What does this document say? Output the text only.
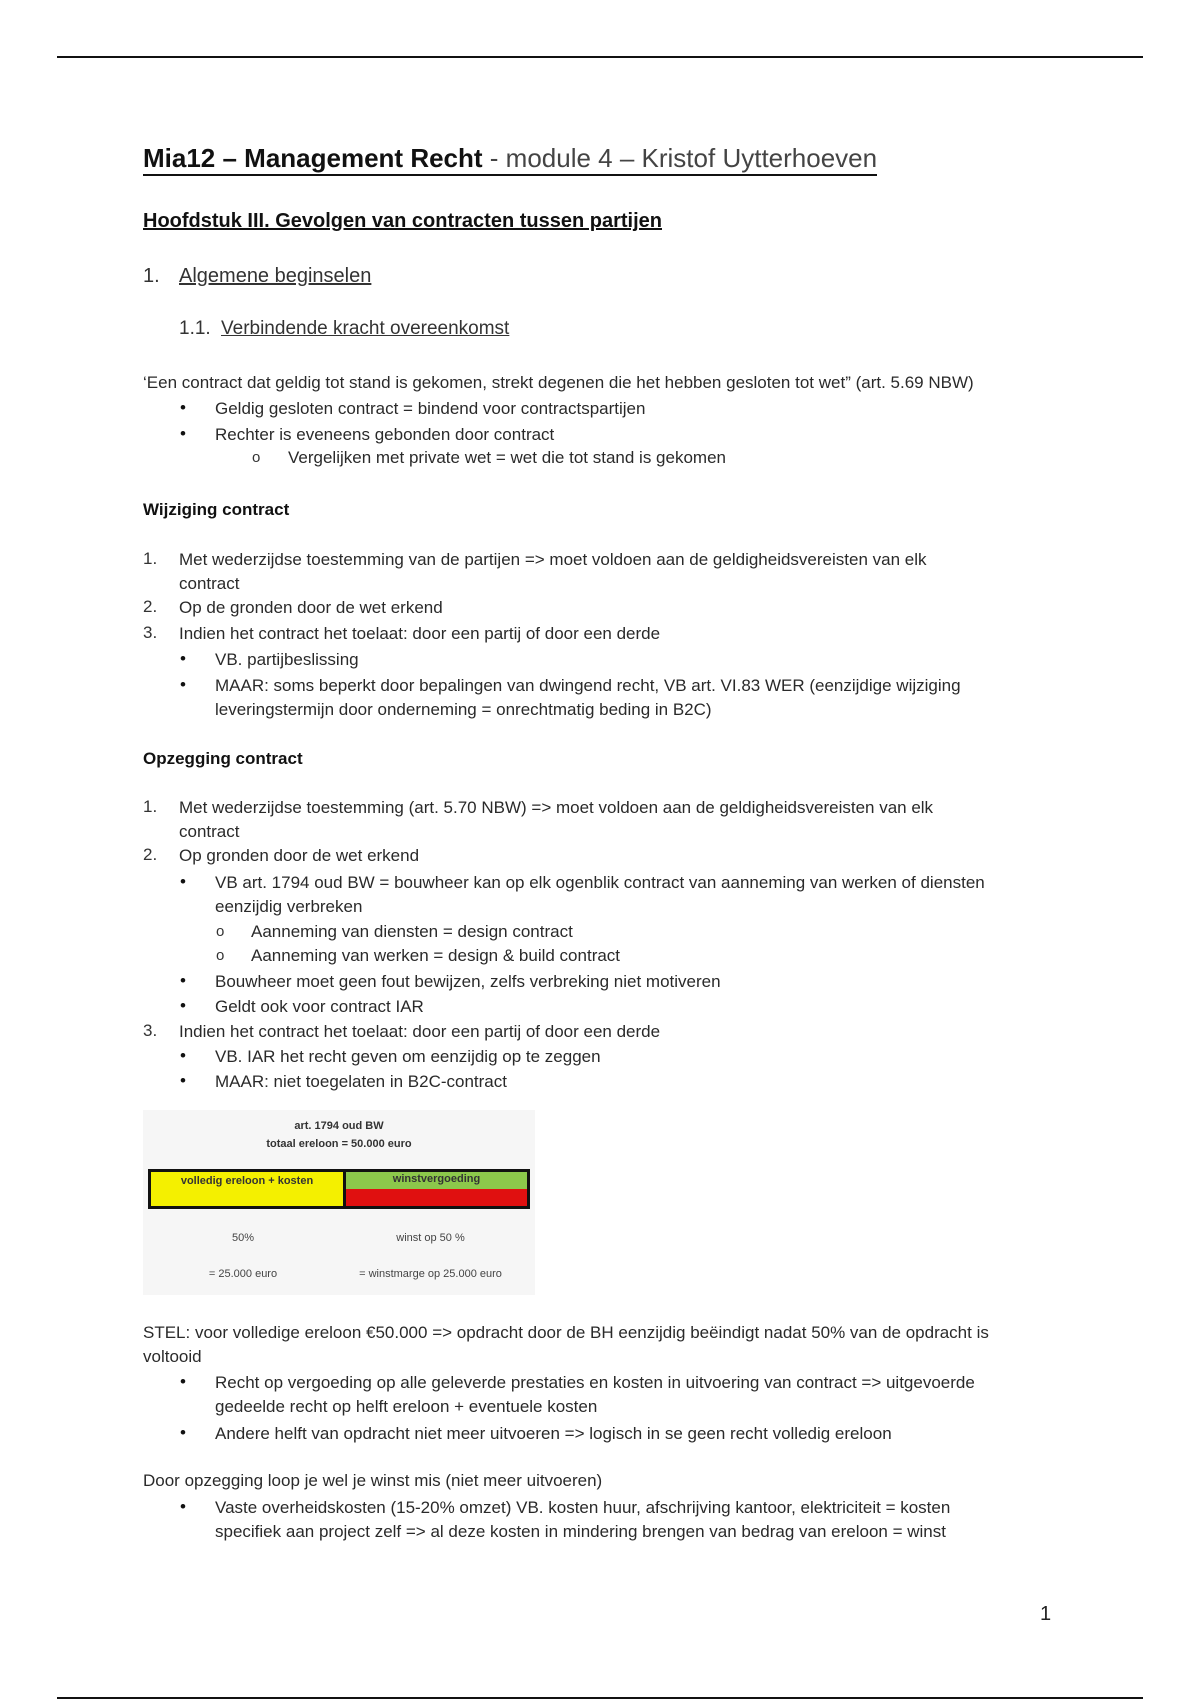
Mia12 – Management Recht - module 4 – Kristof Uytterhoeven
Hoofdstuk III. Gevolgen van contracten tussen partijen
1. Algemene beginselen
1.1. Verbindende kracht overeenkomst
‘Een contract dat geldig tot stand is gekomen, strekt degenen die het hebben gesloten tot wet” (art. 5.69 NBW)
• Geldig gesloten contract = bindend voor contractspartijen
• Rechter is eveneens gebonden door contract
o Vergelijken met private wet = wet die tot stand is gekomen
Wijziging contract
1. Met wederzijdse toestemming van de partijen => moet voldoen aan de geldigheidsvereisten van elk
contract
2. Op de gronden door de wet erkend
3. Indien het contract het toelaat: door een partij of door een derde
• VB. partijbeslissing
• MAAR: soms beperkt door bepalingen van dwingend recht, VB art. VI.83 WER (eenzijdige wijziging
leveringstermijn door onderneming = onrechtmatig beding in B2C)
Opzegging contract
1. Met wederzijdse toestemming (art. 5.70 NBW) => moet voldoen aan de geldigheidsvereisten van elk
contract
2. Op gronden door de wet erkend
• VB art. 1794 oud BW = bouwheer kan op elk ogenblik contract van aanneming van werken of diensten
eenzijdig verbreken
o Aanneming van diensten = design contract
o Aanneming van werken = design & build contract
• Bouwheer moet geen fout bewijzen, zelfs verbreking niet motiveren
• Geldt ook voor contract IAR
3. Indien het contract het toelaat: door een partij of door een derde
• VB. IAR het recht geven om eenzijdig op te zeggen
• MAAR: niet toegelaten in B2C-contract
art. 1794 oud BW
totaal ereloon = 50.000 euro
volledig ereloon + kosten	winstvergoeding
50%	winst op 50 %
= 25.000 euro	= winstmarge op 25.000 euro
STEL: voor volledige ereloon €50.000 => opdracht door de BH eenzijdig beëindigt nadat 50% van de opdracht is
voltooid
• Recht op vergoeding op alle geleverde prestaties en kosten in uitvoering van contract => uitgevoerde
gedeelde recht op helft ereloon + eventuele kosten
• Andere helft van opdracht niet meer uitvoeren => logisch in se geen recht volledig ereloon
Door opzegging loop je wel je winst mis (niet meer uitvoeren)
• Vaste overheidskosten (15-20% omzet) VB. kosten huur, afschrijving kantoor, elektriciteit = kosten
specifiek aan project zelf => al deze kosten in mindering brengen van bedrag van ereloon = winst
1
